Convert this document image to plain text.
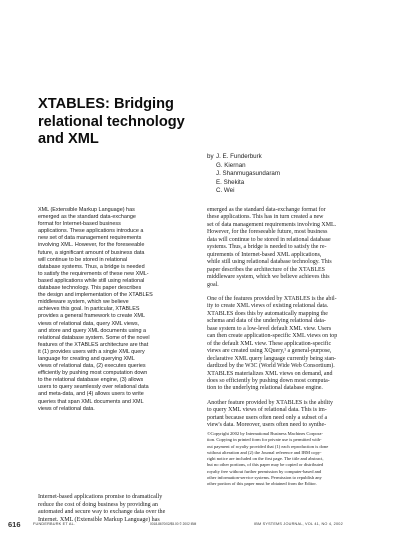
XTABLES: Bridging
relational technology
and XML
by J. E. Funderburk
G. Kiernan
J. Shanmugasundaram
E. Shekita
C. Wei
XML (Extensible Markup Language) has
emerged as the standard data-exchange
format for Internet-based business
applications. These applications introduce a
new set of data management requirements
involving XML. However, for the foreseeable
future, a significant amount of business data
will continue to be stored in relational
database systems. Thus, a bridge is needed
to satisfy the requirements of these new XML-
based applications while still using relational
database technology. This paper describes
the design and implementation of the XTABLES
middleware system, which we believe
achieves this goal. In particular, XTABLES
provides a general framework to create XML
views of relational data, query XML views,
and store and query XML documents using a
relational database system. Some of the novel
features of the XTABLES architecture are that
it (1) provides users with a single XML query
language for creating and querying XML
views of relational data, (2) executes queries
efficiently by pushing most computation down
to the relational database engine, (3) allows
users to query seamlessly over relational data
and meta-data, and (4) allows users to write
queries that span XML documents and XML
views of relational data.
Internet-based applications promise to dramatically
reduce the cost of doing business by providing an
automated and secure way to exchange data over the
Internet. XML (Extensible Markup Language) has
emerged as the standard data-exchange format for
these applications. This has in turn created a new
set of data management requirements involving XML.
However, for the foreseeable future, most business
data will continue to be stored in relational database
systems. Thus, a bridge is needed to satisfy the re-
quirements of Internet-based XML applications,
while still using relational database technology. This
paper describes the architecture of the XTABLES
middleware system, which we believe achieves this
goal.
One of the features provided by XTABLES is the abil-
ity to create XML views of existing relational data.
XTABLES does this by automatically mapping the
schema and data of the underlying relational data-
base system to a low-level default XML view. Users
can then create application-specific XML views on top
of the default XML view. These application-specific
views are created using XQuery,¹ a general-purpose,
declarative XML query language currently being stan-
dardized by the W3C (World Wide Web Consortium).
XTABLES materializes XML views on demand, and
does so efficiently by pushing down most computa-
tion to the underlying relational database engine.
Another feature provided by XTABLES is the ability
to query XML views of relational data. This is im-
portant because users often need only a subset of a
view's data. Moreover, users often need to synthe-
©Copyright 2002 by International Business Machines Corpora-
tion. Copying in printed form for private use is permitted with-
out payment of royalty provided that (1) each reproduction is done
without alteration and (2) the Journal reference and IBM copy-
right notice are included on the first page. The title and abstract,
but no other portions, of this paper may be copied or distributed
royalty free without further permission by computer-based and
other information-service systems. Permission to republish any
other portion of this paper must be obtained from the Editor.
616	FUNDERBURK ET AL.	0018-8670/02/$5.00 © 2002 IBM	IBM SYSTEMS JOURNAL, VOL 41, NO 4, 2002
